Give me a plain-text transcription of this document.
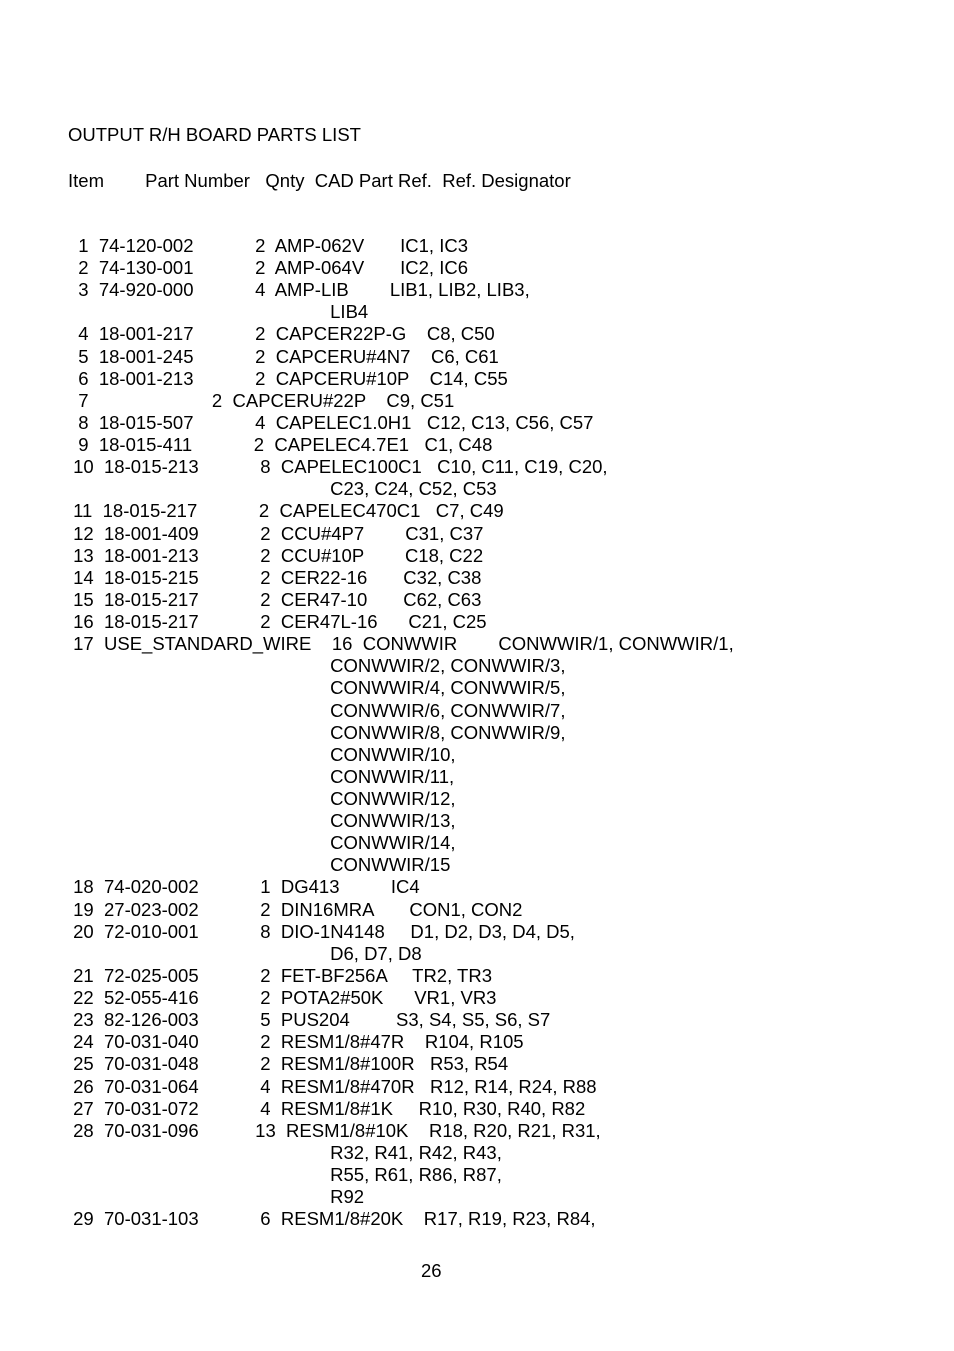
OUTPUT R/H BOARD PARTS LIST
Item        Part Number   Qnty  CAD Part Ref.  Ref. Designator
1  74-120-002            2  AMP-062V       IC1, IC3
2  74-130-001            2  AMP-064V       IC2, IC6
3  74-920-000            4  AMP-LIB        LIB1, LIB2, LIB3,
LIB4
4  18-001-217            2  CAPCER22P-G    C8, C50
5  18-001-245            2  CAPCERU#4N7    C6, C61
6  18-001-213            2  CAPCERU#10P    C14, C55
7                        2  CAPCERU#22P    C9, C51
8  18-015-507            4  CAPELEC1.0H1   C12, C13, C56, C57
9  18-015-411            2  CAPELEC4.7E1   C1, C48
10  18-015-213            8  CAPELEC100C1   C10, C11, C19, C20,
C23, C24, C52, C53
11  18-015-217            2  CAPELEC470C1   C7, C49
12  18-001-409            2  CCU#4P7        C31, C37
13  18-001-213            2  CCU#10P        C18, C22
14  18-015-215            2  CER22-16       C32, C38
15  18-015-217            2  CER47-10       C62, C63
16  18-015-217            2  CER47L-16      C21, C25
17  USE_STANDARD_WIRE    16  CONWWIR        CONWWIR/1, CONWWIR/1,
CONWWIR/2, CONWWIR/3,
CONWWIR/4, CONWWIR/5,
CONWWIR/6, CONWWIR/7,
CONWWIR/8, CONWWIR/9,
CONWWIR/10,
CONWWIR/11,
CONWWIR/12,
CONWWIR/13,
CONWWIR/14,
CONWWIR/15
18  74-020-002            1  DG413          IC4
19  27-023-002            2  DIN16MRA       CON1, CON2
20  72-010-001            8  DIO-1N4148     D1, D2, D3, D4, D5,
D6, D7, D8
21  72-025-005            2  FET-BF256A     TR2, TR3
22  52-055-416            2  POTA2#50K      VR1, VR3
23  82-126-003            5  PUS204         S3, S4, S5, S6, S7
24  70-031-040            2  RESM1/8#47R    R104, R105
25  70-031-048            2  RESM1/8#100R   R53, R54
26  70-031-064            4  RESM1/8#470R   R12, R14, R24, R88
27  70-031-072            4  RESM1/8#1K     R10, R30, R40, R82
28  70-031-096           13  RESM1/8#10K    R18, R20, R21, R31,
R32, R41, R42, R43,
R55, R61, R86, R87,
R92
29  70-031-103            6  RESM1/8#20K    R17, R19, R23, R84,
26
